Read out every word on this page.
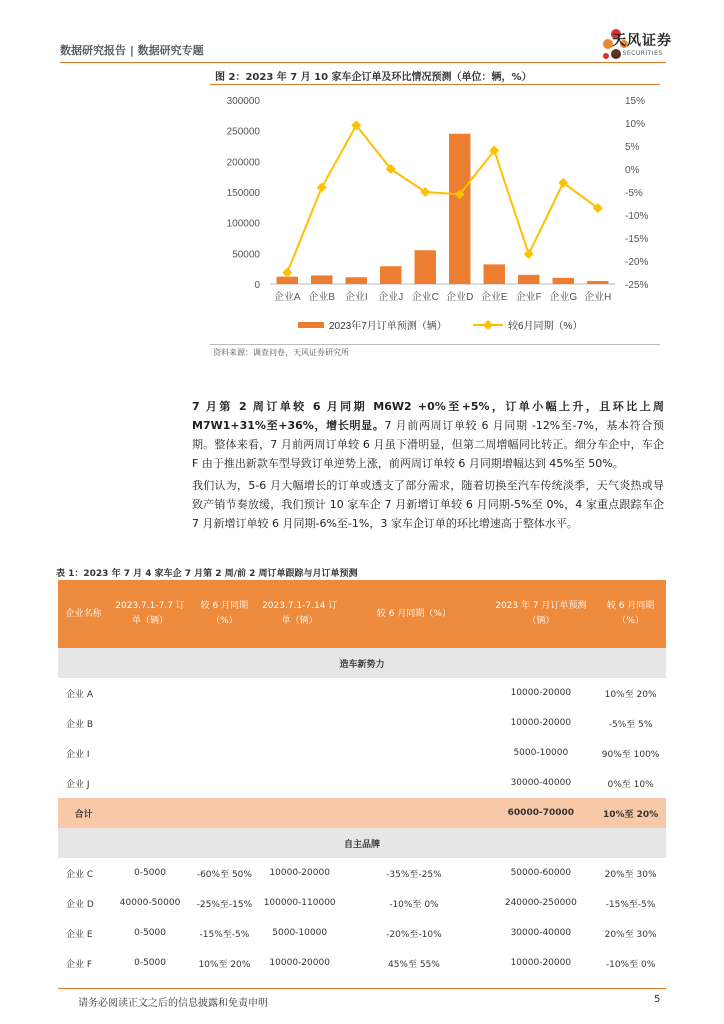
数据研究报告 | 数据研究专题
天风证券
TF SECURITIES
图 2：2023 年 7 月 10 家车企订单及环比情况预测（单位：辆，%）
0
50000
100000
150000
200000
250000
300000
-25%
-20%
-15%
-10%
-5%
0%
5%
10%
15%
企业A 企业B 企业I 企业J 企业C 企业D 企业E 企业F 企业G 企业H
2023年7月订单预测（辆）	较6月同期（%）
资料来源：调查问卷，天风证券研究所
7 月第 2 周订单较 6 月同期 M6W2 +0%至+5%，订单小幅上升，且环比上周 M7W1+31%至+36%，增长明显。7 月前两周订单较 6 月同期 -12%至-7%，基本符合预期。整体来看，7 月前两周订单较 6 月虽下滑明显，但第二周增幅同比转正。细分车企中，车企 F 由于推出新款车型导致订单逆势上涨，前两周订单较 6 月同期增幅达到 45%至 50%。
我们认为，5-6 月大幅增长的订单或透支了部分需求，随着切换至汽车传统淡季，天气炎热或导致产销节奏放缓，我们预计 10 家车企 7 月新增订单较 6 月同期-5%至 0%，4 家重点跟踪车企 7 月新增订单较 6 月同期-6%至-1%，3 家车企订单的环比增速高于整体水平。
表 1：2023 年 7 月 4 家车企 7 月第 2 周/前 2 周订单跟踪与月订单预测
企业名称	2023.7.1-7.7 订单（辆）	较 6 月同期（%）	2023.7.1-7.14 订单（辆）	较 6 月同期（%）	2023 年 7 月订单预测（辆）	较 6 月同期（%）
造车新势力						
企业 A					10000-20000	10%至 20%
企业 B					10000-20000	-5%至 5%
企业 I					5000-10000	90%至 100%
企业 J					30000-40000	0%至 10%
合计					60000-70000	10%至 20%
自主品牌						
企业 C	0-5000	-60%至 50%	10000-20000	-35%至-25%	50000-60000	20%至 30%
企业 D	40000-50000	-25%至-15%	100000-110000	-10%至 0%	240000-250000	-15%至-5%
企业 E	0-5000	-15%至-5%	5000-10000	-20%至-10%	30000-40000	20%至 30%
企业 F	0-5000	10%至 20%	10000-20000	45%至 55%	10000-20000	-10%至 0%
请务必阅读正文之后的信息披露和免责申明	5
